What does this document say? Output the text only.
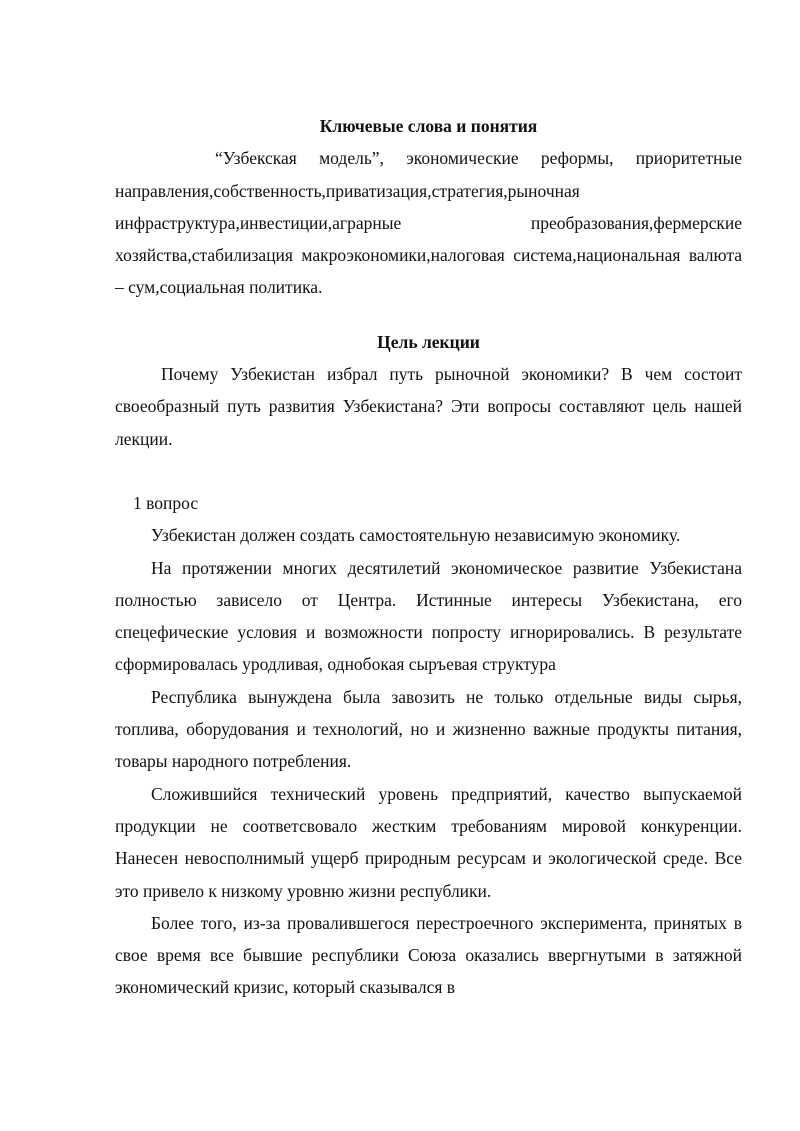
Ключевые слова и понятия

“Узбекская модель”, экономические реформы, приоритетные направления,собственность,приватизация,стратегия,рыночная инфраструктура,инвестиции,аграрные преобразования,фермерские хозяйства,стабилизация макроэкономики,налоговая система,национальная валюта – сум,социальная политика.

Цель лекции

Почему Узбекистан избрал путь рыночной экономики? В чем состоит своеобразный путь развития Узбекистана? Эти вопросы составляют цель нашей лекции.

1 вопрос

Узбекистан должен создать самостоятельную независимую экономику.

На протяжении многих десятилетий экономическое развитие Узбекистана полностью зависело от Центра. Истинные интересы Узбекистана, его спецефические условия и возможности попросту игнорировались. В результате сформировалась уродливая, однобокая сыръевая структура

Республика вынуждена была завозить не только отдельные виды сырья, топлива, оборудования и технологий, но и жизненно важные продукты питания, товары народного потребления.

Сложившийся технический уровень предприятий, качество выпускаемой продукции не соответсвовало жестким требованиям мировой конкуренции. Нанесен невосполнимый ущерб природным ресурсам и экологической среде. Все это привело к низкому уровню жизни республики.

Более того, из-за провалившегося перестроечного эксперимента, принятых в свое время все бывшие республики Союза оказались ввергнутыми в затяжной экономический кризис, который сказывался в
